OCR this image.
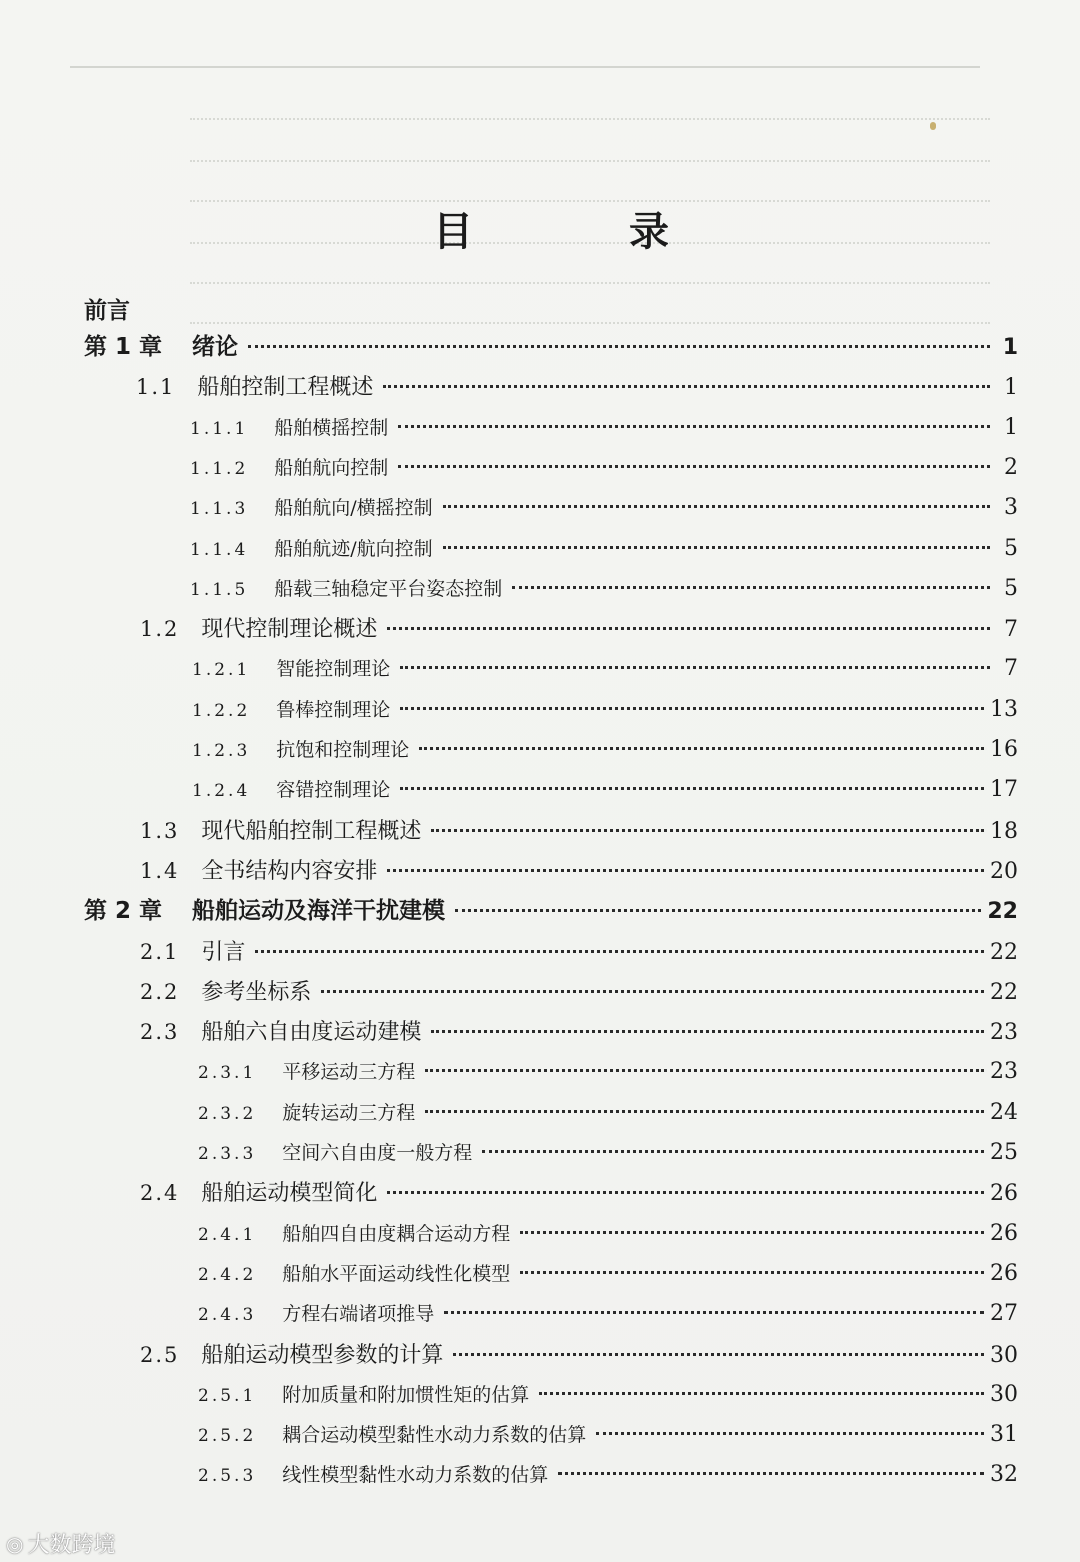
目　录
前言
第 1 章 绪论	1
1.1 船舶控制工程概述	1
1.1.1 船舶横摇控制	1
1.1.2 船舶航向控制	2
1.1.3 船舶航向/横摇控制	3
1.1.4 船舶航迹/航向控制	5
1.1.5 船载三轴稳定平台姿态控制	5
1.2 现代控制理论概述	7
1.2.1 智能控制理论	7
1.2.2 鲁棒控制理论	13
1.2.3 抗饱和控制理论	16
1.2.4 容错控制理论	17
1.3 现代船舶控制工程概述	18
1.4 全书结构内容安排	20
第 2 章 船舶运动及海洋干扰建模	22
2.1 引言	22
2.2 参考坐标系	22
2.3 船舶六自由度运动建模	23
2.3.1 平移运动三方程	23
2.3.2 旋转运动三方程	24
2.3.3 空间六自由度一般方程	25
2.4 船舶运动模型简化	26
2.4.1 船舶四自由度耦合运动方程	26
2.4.2 船舶水平面运动线性化模型	26
2.4.3 方程右端诸项推导	27
2.5 船舶运动模型参数的计算	30
2.5.1 附加质量和附加惯性矩的估算	30
2.5.2 耦合运动模型黏性水动力系数的估算	31
2.5.3 线性模型黏性水动力系数的估算	32
◎ 大数跨境
